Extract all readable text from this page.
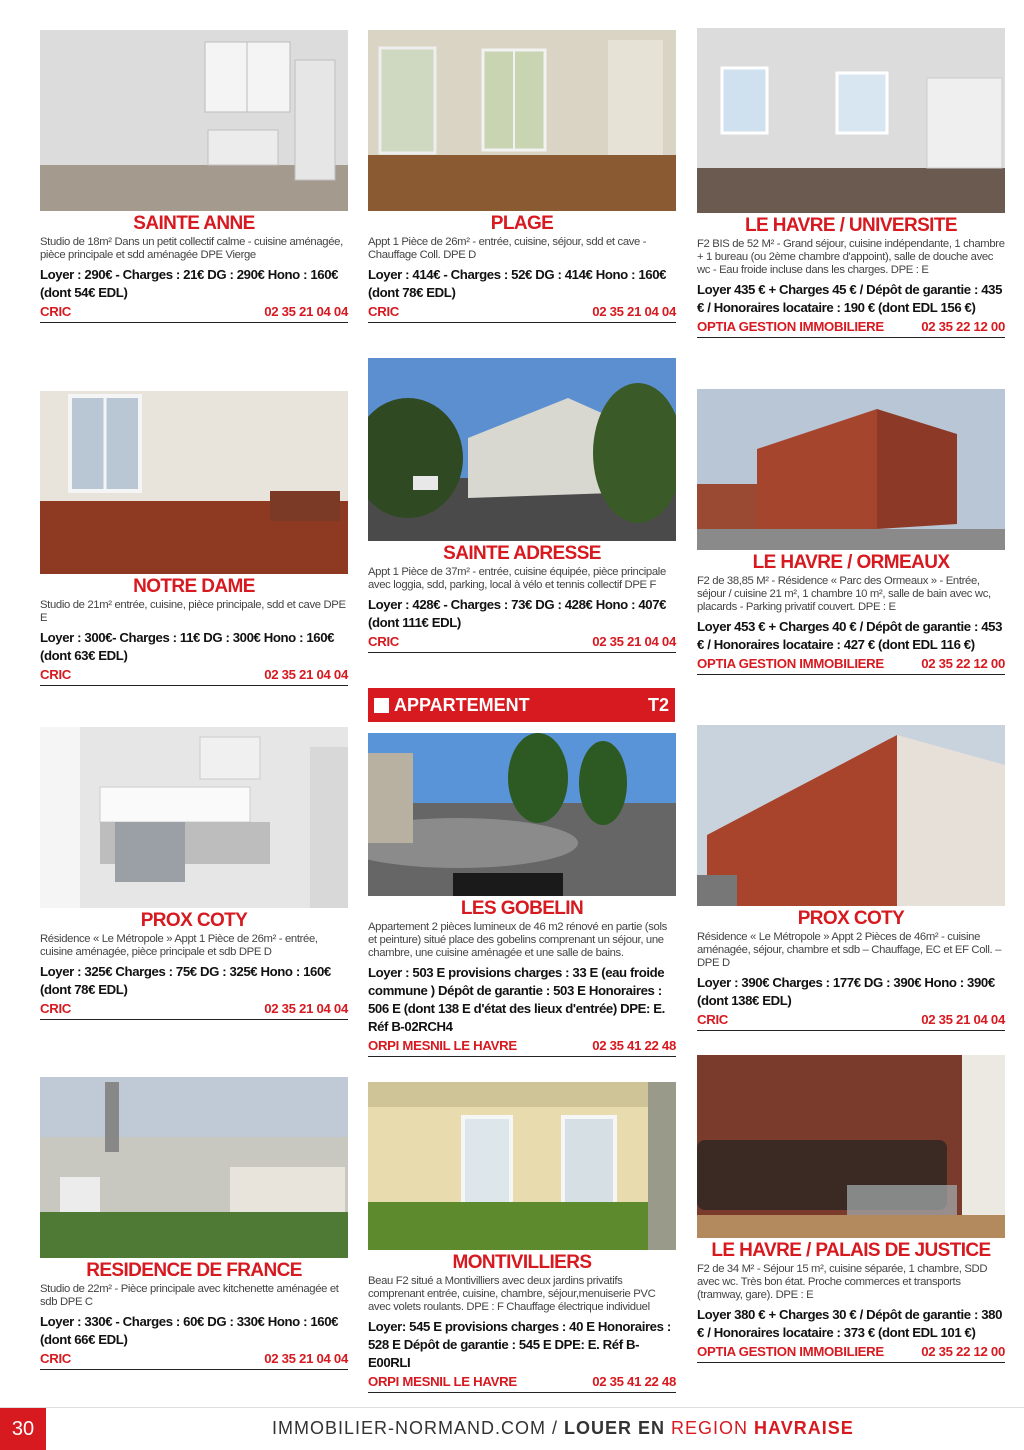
SAINTE ANNE
Studio de 18m² Dans un petit collectif calme - cuisine aménagée, pièce principale et sdd aménagée DPE Vierge
Loyer : 290€ - Charges : 21€ DG : 290€ Hono : 160€ (dont 54€ EDL)
CRIC	02 35 21 04 04
PLAGE
Appt 1 Pièce de 26m² - entrée, cuisine, séjour, sdd et cave - Chauffage Coll. DPE D
Loyer : 414€ - Charges : 52€ DG : 414€ Hono : 160€ (dont 78€ EDL)
CRIC	02 35 21 04 04
LE HAVRE / UNIVERSITE
F2 BIS de 52 M² - Grand séjour, cuisine indépendante, 1 chambre + 1 bureau (ou 2ème chambre d'appoint), salle de douche avec wc - Eau froide incluse dans les charges. DPE : E
Loyer 435 € + Charges 45 € / Dépôt de garantie : 435 € / Honoraires locataire : 190 € (dont EDL 156 €)
OPTIA GESTION IMMOBILIERE	02 35 22 12 00
NOTRE DAME
Studio de 21m² entrée, cuisine, pièce principale, sdd et cave DPE E
Loyer : 300€- Charges : 11€ DG : 300€ Hono : 160€ (dont 63€ EDL)
CRIC	02 35 21 04 04
SAINTE ADRESSE
Appt 1 Pièce de 37m² - entrée, cuisine équipée, pièce principale avec loggia, sdd, parking, local à vélo et tennis collectif DPE F
Loyer : 428€ - Charges : 73€ DG : 428€ Hono : 407€ (dont 111€ EDL)
CRIC	02 35 21 04 04
LE HAVRE / ORMEAUX
F2 de 38,85 M² - Résidence « Parc des Ormeaux » - Entrée, séjour / cuisine 21 m², 1 chambre 10 m², salle de bain avec wc, placards - Parking privatif couvert. DPE : E
Loyer 453 € + Charges 40 € / Dépôt de garantie : 453 € / Honoraires locataire : 427 € (dont EDL 116 €)
OPTIA GESTION IMMOBILIERE	02 35 22 12 00
APPARTEMENT	T2
PROX COTY
Résidence « Le Métropole » Appt 1 Pièce de 26m² - entrée, cuisine aménagée, pièce principale et sdb DPE D
Loyer : 325€ Charges : 75€ DG : 325€ Hono : 160€ (dont 78€ EDL)
CRIC	02 35 21 04 04
LES GOBELIN
Appartement 2 pièces lumineux de 46 m2 rénové en partie (sols et peinture) situé place des gobelins comprenant un séjour, une chambre, une cuisine aménagée et une salle de bains.
Loyer : 503 E provisions charges : 33 E (eau froide commune ) Dépôt de garantie : 503 E Honoraires : 506 E (dont 138 E d'état des lieux d'entrée) DPE: E. Réf B-02RCH4
ORPI MESNIL LE HAVRE	02 35 41 22 48
PROX COTY
Résidence « Le Métropole » Appt 2 Pièces de 46m² - cuisine aménagée, séjour, chambre et sdb – Chauffage, EC et EF Coll. – DPE D
Loyer : 390€ Charges : 177€ DG : 390€ Hono : 390€ (dont 138€ EDL)
CRIC	02 35 21 04 04
RESIDENCE DE FRANCE
Studio de 22m² - Pièce principale avec kitchenette aménagée et sdb DPE C
Loyer : 330€ - Charges : 60€ DG : 330€ Hono : 160€ (dont 66€ EDL)
CRIC	02 35 21 04 04
MONTIVILLIERS
Beau F2 situé a Montivilliers avec deux jardins privatifs comprenant entrée, cuisine, chambre, séjour,menuiserie PVC avec volets roulants. DPE : F Chauffage électrique individuel
Loyer: 545 E provisions charges : 40 E Honoraires : 528 E Dépôt de garantie : 545 E DPE: E. Réf B-E00RLI
ORPI MESNIL LE HAVRE	02 35 41 22 48
LE HAVRE / PALAIS DE JUSTICE
F2 de 34 M² - Séjour 15 m², cuisine séparée, 1 chambre, SDD avec wc. Très bon état. Proche commerces et transports (tramway, gare). DPE : E
Loyer 380 € + Charges 30 € / Dépôt de garantie : 380 € / Honoraires locataire : 373 € (dont EDL 101 €)
OPTIA GESTION IMMOBILIERE	02 35 22 12 00
30	IMMOBILIER-NORMAND.COM / LOUER EN REGION HAVRAISE
